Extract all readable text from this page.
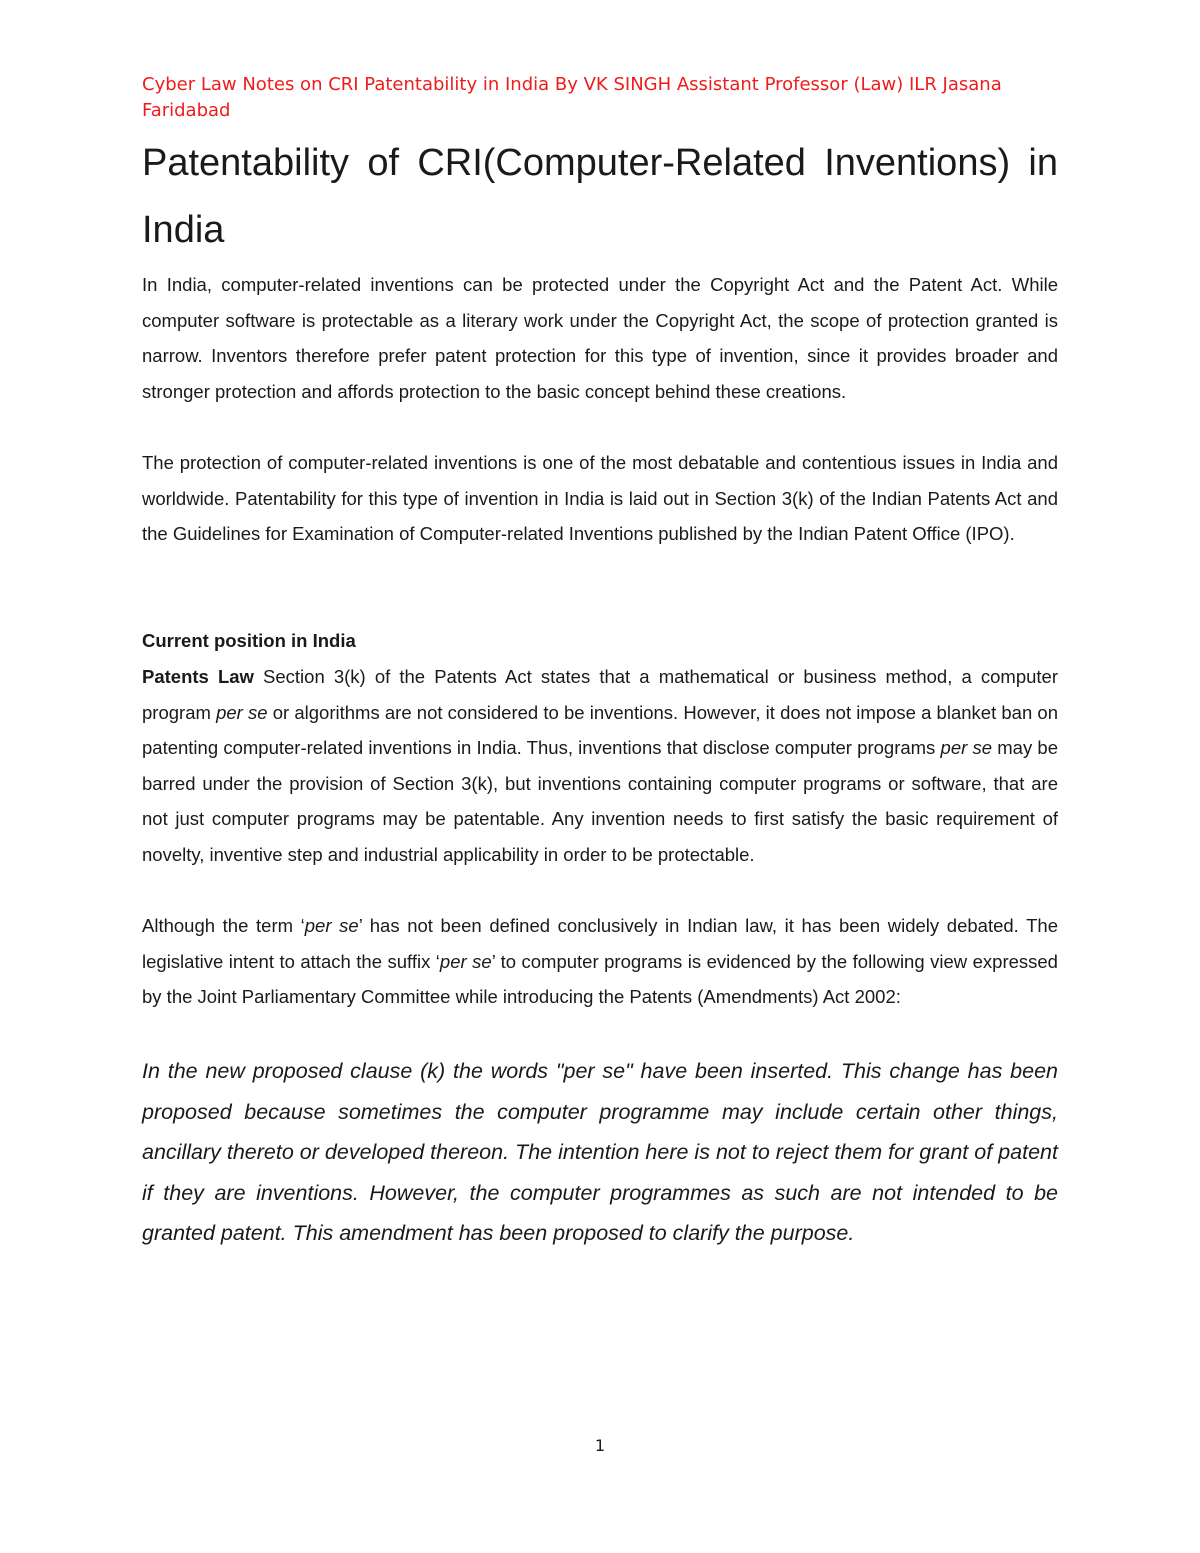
Cyber Law Notes on CRI Patentability in India By VK SINGH Assistant Professor (Law) ILR Jasana Faridabad
Patentability of CRI(Computer-Related Inventions) in India

In India, computer-related inventions can be protected under the Copyright Act and the Patent Act. While computer software is protectable as a literary work under the Copyright Act, the scope of protection granted is narrow. Inventors therefore prefer patent protection for this type of invention, since it provides broader and stronger protection and affords protection to the basic concept behind these creations.

The protection of computer-related inventions is one of the most debatable and contentious issues in India and worldwide. Patentability for this type of invention in India is laid out in Section 3(k) of the Indian Patents Act and the Guidelines for Examination of Computer-related Inventions published by the Indian Patent Office (IPO).

Current position in India

Patents Law Section 3(k) of the Patents Act states that a mathematical or business method, a computer program per se or algorithms are not considered to be inventions. However, it does not impose a blanket ban on patenting computer-related inventions in India. Thus, inventions that disclose computer programs per se may be barred under the provision of Section 3(k), but inventions containing computer programs or software, that are not just computer programs may be patentable. Any invention needs to first satisfy the basic requirement of novelty, inventive step and industrial applicability in order to be protectable.

Although the term ‘per se’ has not been defined conclusively in Indian law, it has been widely debated. The legislative intent to attach the suffix ‘per se’ to computer programs is evidenced by the following view expressed by the Joint Parliamentary Committee while introducing the Patents (Amendments) Act 2002:

In the new proposed clause (k) the words "per se" have been inserted. This change has been proposed because sometimes the computer programme may include certain other things, ancillary thereto or developed thereon. The intention here is not to reject them for grant of patent if they are inventions. However, the computer programmes as such are not intended to be granted patent. This amendment has been proposed to clarify the purpose.

1
